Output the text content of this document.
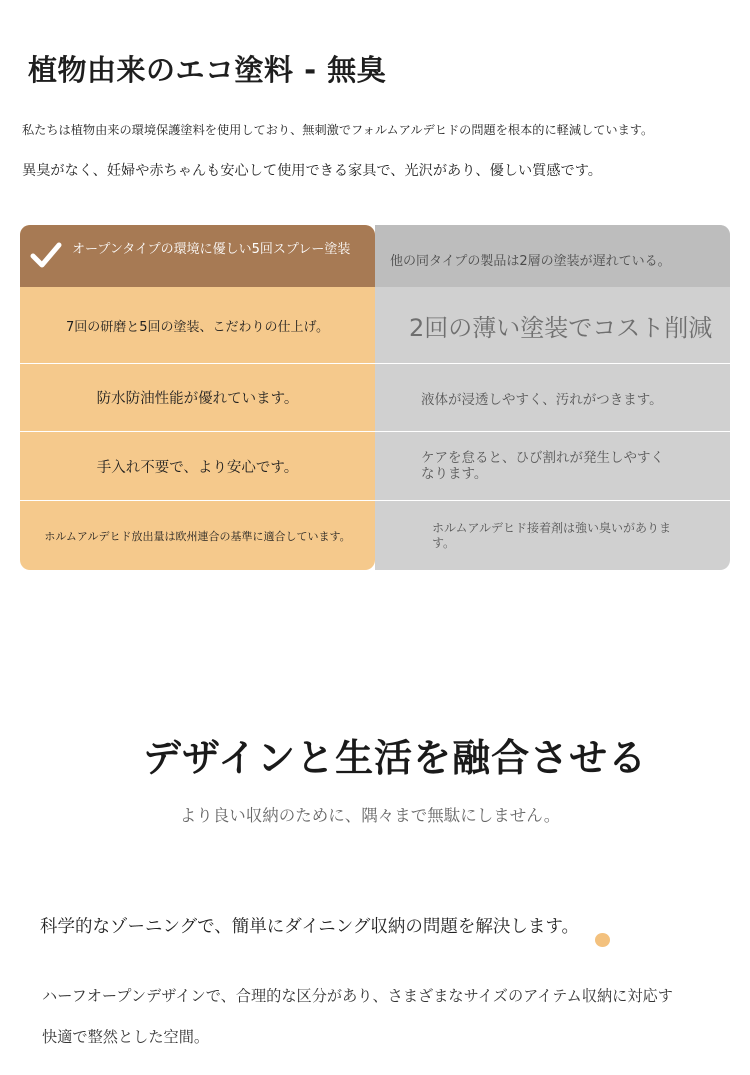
植物由来のエコ塗料 - 無臭
私たちは植物由来の環境保護塗料を使用しており、無刺激でフォルムアルデヒドの問題を根本的に軽減しています。
異臭がなく、妊婦や赤ちゃんも安心して使用できる家具で、光沢があり、優しい質感です。
オープンタイプの環境に優しい5回スプレー塗装
他の同タイプの製品は2層の塗装が遅れている。
7回の研磨と5回の塗装、こだわりの仕上げ。	2回の薄い塗装でコスト削減
防水防油性能が優れています。	液体が浸透しやすく、汚れがつきます。
手入れ不要で、より安心です。
ケアを怠ると、ひび割れが発生しやすくなります。
ホルムアルデヒド放出量は欧州連合の基準に適合しています。
ホルムアルデヒド接着剤は強い臭いがあります。
デザインと生活を融合させる
より良い収納のために、隅々まで無駄にしません。
科学的なゾーニングで、簡単にダイニング収納の問題を解決します。
ハーフオープンデザインで、合理的な区分があり、さまざまなサイズのアイテム収納に対応す
快適で整然とした空間。
